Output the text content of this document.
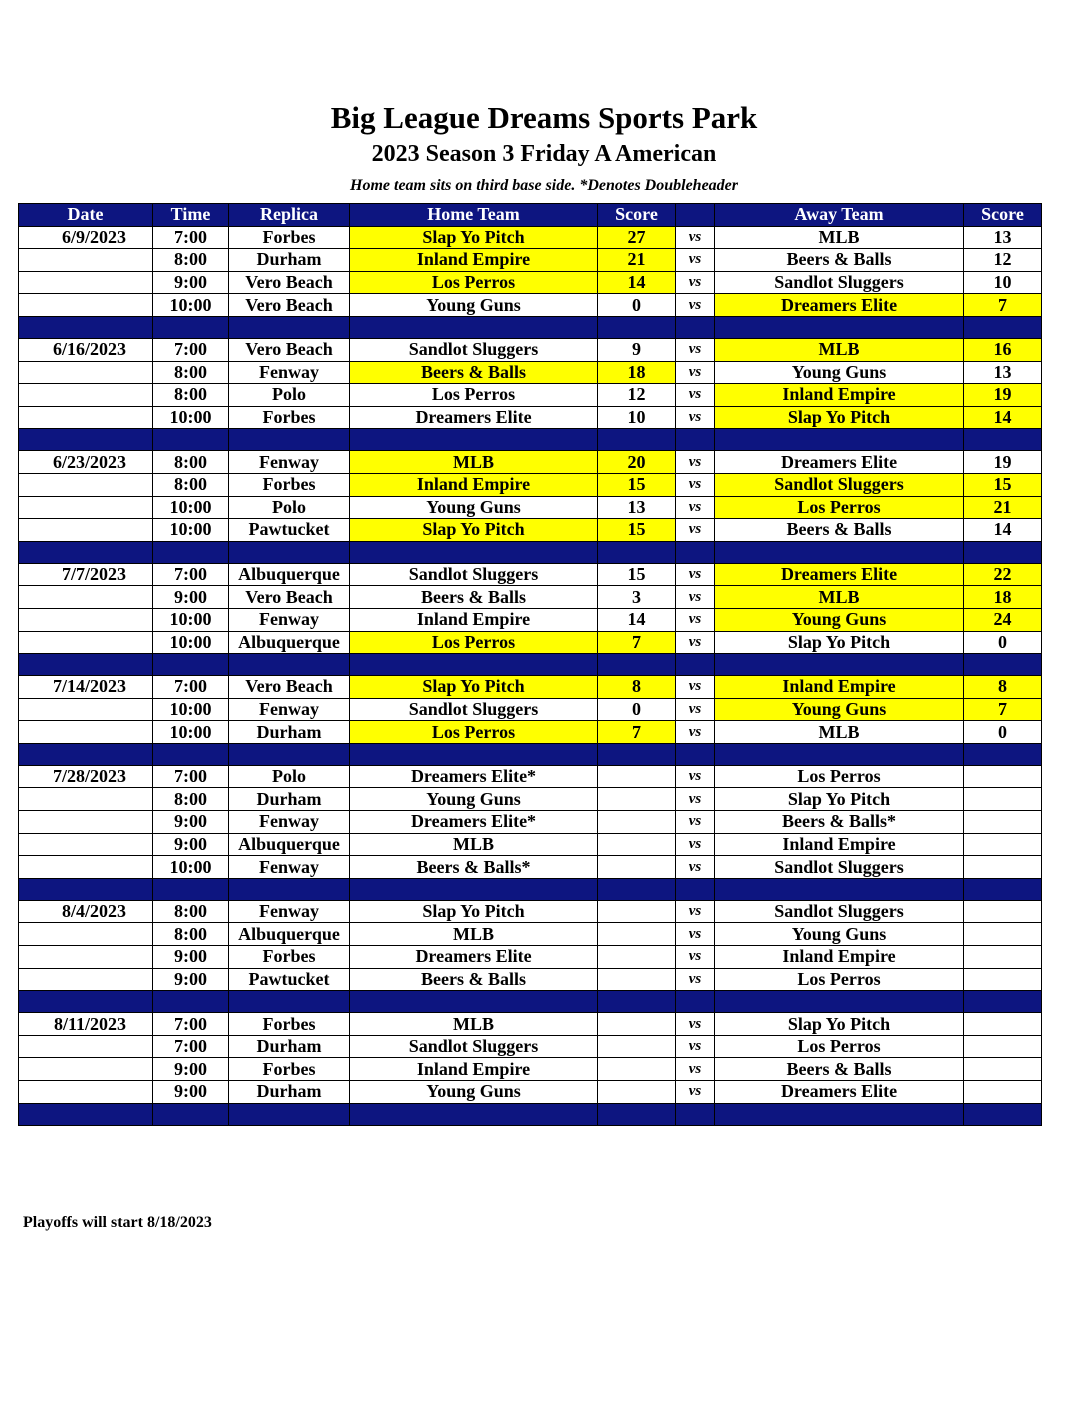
Big League Dreams Sports Park
2023 Season 3 Friday A American
Home team sits on third base side. *Denotes Doubleheader
Date	Time	Replica	Home Team	Score		Away Team	Score
6/9/2023	7:00	Forbes	Slap Yo Pitch	27	vs	MLB	13
	8:00	Durham	Inland Empire	21	vs	Beers & Balls	12
	9:00	Vero Beach	Los Perros	14	vs	Sandlot Sluggers	10
	10:00	Vero Beach	Young Guns	0	vs	Dreamers Elite	7

6/16/2023	7:00	Vero Beach	Sandlot Sluggers	9	vs	MLB	16
	8:00	Fenway	Beers & Balls	18	vs	Young Guns	13
	8:00	Polo	Los Perros	12	vs	Inland Empire	19
	10:00	Forbes	Dreamers Elite	10	vs	Slap Yo Pitch	14

6/23/2023	8:00	Fenway	MLB	20	vs	Dreamers Elite	19
	8:00	Forbes	Inland Empire	15	vs	Sandlot Sluggers	15
	10:00	Polo	Young Guns	13	vs	Los Perros	21
	10:00	Pawtucket	Slap Yo Pitch	15	vs	Beers & Balls	14

7/7/2023	7:00	Albuquerque	Sandlot Sluggers	15	vs	Dreamers Elite	22
	9:00	Vero Beach	Beers & Balls	3	vs	MLB	18
	10:00	Fenway	Inland Empire	14	vs	Young Guns	24
	10:00	Albuquerque	Los Perros	7	vs	Slap Yo Pitch	0

7/14/2023	7:00	Vero Beach	Slap Yo Pitch	8	vs	Inland Empire	8
	10:00	Fenway	Sandlot Sluggers	0	vs	Young Guns	7
	10:00	Durham	Los Perros	7	vs	MLB	0

7/28/2023	7:00	Polo	Dreamers Elite*		vs	Los Perros	
	8:00	Durham	Young Guns		vs	Slap Yo Pitch	
	9:00	Fenway	Dreamers Elite*		vs	Beers & Balls*	
	9:00	Albuquerque	MLB		vs	Inland Empire	
	10:00	Fenway	Beers & Balls*		vs	Sandlot Sluggers	

8/4/2023	8:00	Fenway	Slap Yo Pitch		vs	Sandlot Sluggers	
	8:00	Albuquerque	MLB		vs	Young Guns	
	9:00	Forbes	Dreamers Elite		vs	Inland Empire	
	9:00	Pawtucket	Beers & Balls		vs	Los Perros	

8/11/2023	7:00	Forbes	MLB		vs	Slap Yo Pitch	
	7:00	Durham	Sandlot Sluggers		vs	Los Perros	
	9:00	Forbes	Inland Empire		vs	Beers & Balls	
	9:00	Durham	Young Guns		vs	Dreamers Elite	

Playoffs will start 8/18/2023
